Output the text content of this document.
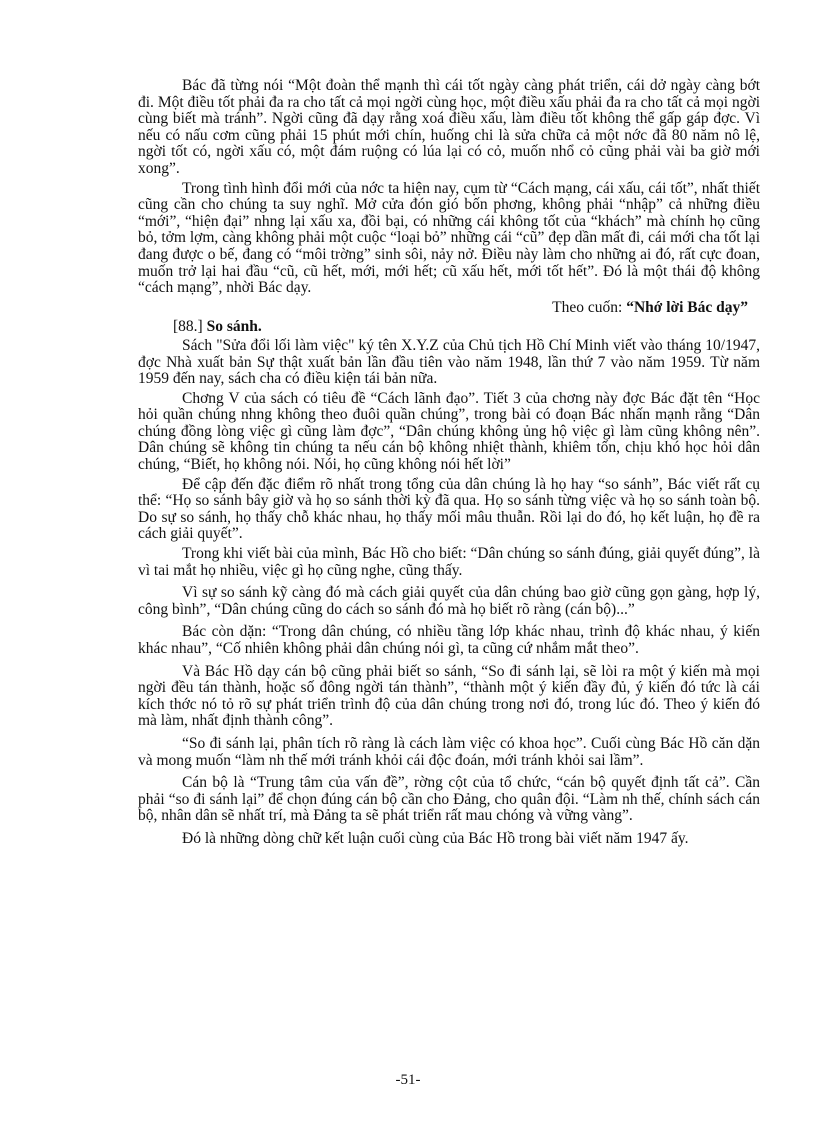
Bác đã từng nói “Một đoàn thể mạnh thì cái tốt ngày càng phát triển, cái dở ngày càng bớt đi. Một điều tốt phải đa ra cho tất cả mọi ngời cùng học, một điều xấu phải đa ra cho tất cả mọi ngời cùng biết mà tránh”. Ngời cũng đã dạy rằng xoá điều xấu, làm điều tốt không thể gấp gáp đợc. Vì nếu có nấu cơm cũng phải 15 phút mới chín, huống chi là sửa chữa cả một nớc đã 80 năm nô lệ, ngời tốt có, ngời xấu có, một đám ruộng có lúa lại có cỏ, muốn nhổ cỏ cũng phải vài ba giờ mới xong”.

Trong tình hình đổi mới của nớc ta hiện nay, cụm từ “Cách mạng, cái xấu, cái tốt”, nhất thiết cũng cần cho chúng ta suy nghĩ. Mở cửa đón gió bốn phơng, không phải “nhập” cả những điều “mới”, “hiện đại” nhng lại xấu xa, đồi bại, có những cái không tốt của “khách” mà chính họ cũng bỏ, tởm lợm, càng không phải một cuộc “loại bỏ” những cái “cũ” đẹp dần mất đi, cái mới cha tốt lại đang được o bế, đang có “môi trờng” sinh sôi, nảy nở. Điều này làm cho những ai đó, rất cực đoan, muốn trở lại hai đầu “cũ, cũ hết, mới, mới hết; cũ xấu hết, mới tốt hết”. Đó là một thái độ không “cách mạng”, nhời Bác dạy.

Theo cuốn: “Nhớ lời Bác dạy”
[88.] So sánh.

Sách "Sửa đổi lối làm việc" ký tên X.Y.Z của Chủ tịch Hồ Chí Minh viết vào tháng 10/1947, đợc Nhà xuất bản Sự thật xuất bản lần đầu tiên vào năm 1948, lần thứ 7 vào năm 1959. Từ năm 1959 đến nay, sách cha có điều kiện tái bản nữa.

Chơng V của sách có tiêu đề “Cách lãnh đạo”. Tiết 3 của chơng này đợc Bác đặt tên “Học hỏi quần chúng nhng không theo đuôi quần chúng”, trong bài có đoạn Bác nhấn mạnh rằng “Dân chúng đồng lòng việc gì cũng làm đợc”, “Dân chúng không ủng hộ việc gì làm cũng không nên”. Dân chúng sẽ không tin chúng ta nếu cán bộ không nhiệt thành, khiêm tốn, chịu khó học hỏi dân chúng, “Biết, họ không nói. Nói, họ cũng không nói hết lời”

Để cập đến đặc điểm rõ nhất trong tổng của dân chúng là họ hay “so sánh”, Bác viết rất cụ thể: “Họ so sánh bây giờ và họ so sánh thời kỳ đã qua. Họ so sánh từng việc và họ so sánh toàn bộ. Do sự so sánh, họ thấy chỗ khác nhau, họ thấy mối mâu thuẫn. Rồi lại do đó, họ kết luận, họ đề ra cách giải quyết”.

Trong khi viết bài của mình, Bác Hồ cho biết: “Dân chúng so sánh đúng, giải quyết đúng”, là vì tai mắt họ nhiều, việc gì họ cũng nghe, cũng thấy.

Vì sự so sánh kỹ càng đó mà cách giải quyết của dân chúng bao giờ cũng gọn gàng, hợp lý, công bình”, “Dân chúng cũng do cách so sánh đó mà họ biết rõ ràng (cán bộ)...”

Bác còn dặn: “Trong dân chúng, có nhiều tầng lớp khác nhau, trình độ khác nhau, ý kiến khác nhau”, “Cố nhiên không phải dân chúng nói gì, ta cũng cứ nhắm mắt theo”.

Và Bác Hồ dạy cán bộ cũng phải biết so sánh, “So đi sánh lại, sẽ lòi ra một ý kiến mà mọi ngời đều tán thành, hoặc số đông ngời tán thành”, “thành một ý kiến đầy đủ, ý kiến đó tức là cái kích thớc nó tỏ rõ sự phát triển trình độ của dân chúng trong nơi đó, trong lúc đó. Theo ý kiến đó mà làm, nhất định thành công”.

“So đi sánh lại, phân tích rõ ràng là cách làm việc có khoa học”. Cuối cùng Bác Hồ căn dặn và mong muốn “làm nh thế mới tránh khỏi cái độc đoán, mới tránh khỏi sai lầm”.

Cán bộ là “Trung tâm của vấn đề”, rờng cột của tổ chức, “cán bộ quyết định tất cả”. Cần phải “so đi sánh lại” để chọn đúng cán bộ cần cho Đảng, cho quân đội. “Làm nh thế, chính sách cán bộ, nhân dân sẽ nhất trí, mà Đảng ta sẽ phát triển rất mau chóng và vững vàng”.

Đó là những dòng chữ kết luận cuối cùng của Bác Hồ trong bài viết năm 1947 ấy.

-51-
